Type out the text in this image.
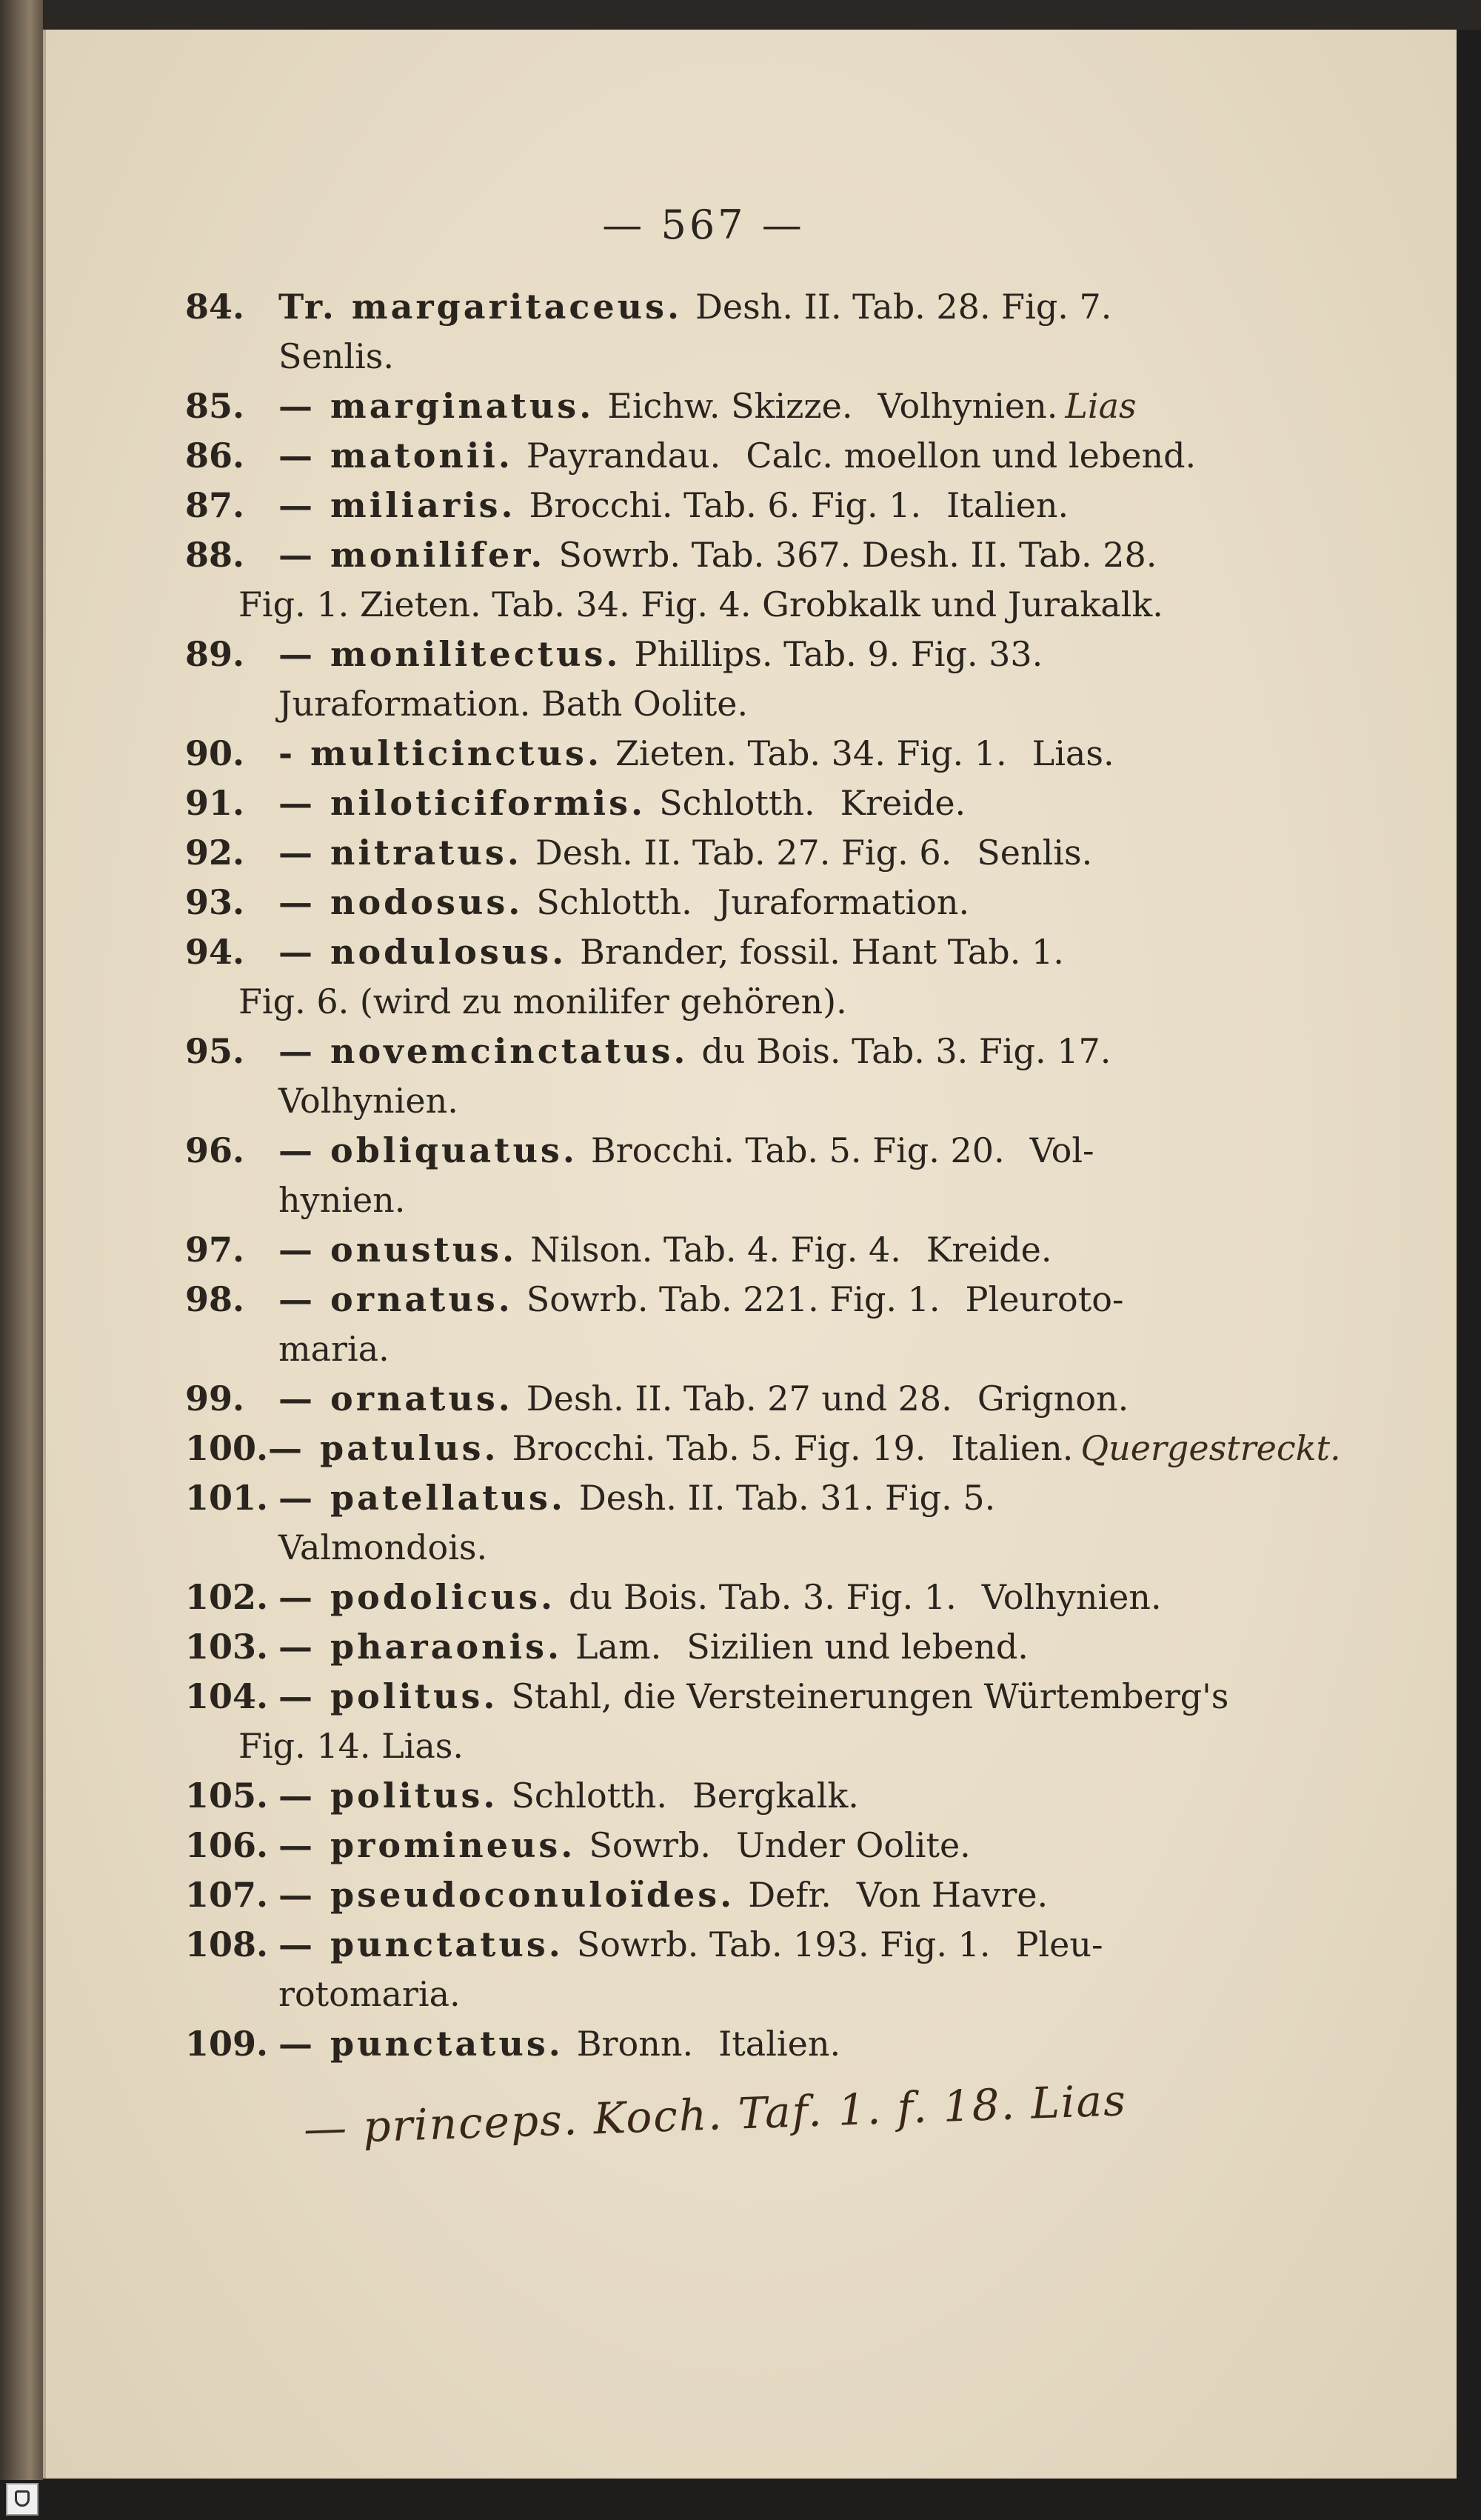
— 567 —
84. Tr. margaritaceus. Desh. II. Tab. 28. Fig. 7.
Senlis.
85. — marginatus. Eichw. Skizze. Volhynien. Lias
86. — matonii. Payrandau. Calc. moellon und lebend.
87. — miliaris. Brocchi. Tab. 6. Fig. 1. Italien.
88. — monilifer. Sowrb. Tab. 367. Desh. II. Tab. 28.
Fig. 1. Zieten. Tab. 34. Fig. 4. Grobkalk und Jurakalk.
89. — monilitectus. Phillips. Tab. 9. Fig. 33.
Juraformation. Bath Oolite.
90. - multicinctus. Zieten. Tab. 34. Fig. 1. Lias.
91. — niloticiformis. Schlotth. Kreide.
92. — nitratus. Desh. II. Tab. 27. Fig. 6. Senlis.
93. — nodosus. Schlotth. Juraformation.
94. — nodulosus. Brander, fossil. Hant Tab. 1.
Fig. 6. (wird zu monilifer gehören).
95. — novemcinctatus. du Bois. Tab. 3. Fig. 17.
Volhynien.
96. — obliquatus. Brocchi. Tab. 5. Fig. 20. Vol-
hynien.
97. — onustus. Nilson. Tab. 4. Fig. 4. Kreide.
98. — ornatus. Sowrb. Tab. 221. Fig. 1. Pleuroto-
maria.
99. — ornatus. Desh. II. Tab. 27 und 28. Grignon.
100. — patulus. Brocchi. Tab. 5. Fig. 19. Italien. Quergestreckt.
101. — patellatus. Desh. II. Tab. 31. Fig. 5.
Valmondois.
102. — podolicus. du Bois. Tab. 3. Fig. 1. Volhynien.
103. — pharaonis. Lam. Sizilien und lebend.
104. — politus. Stahl, die Versteinerungen Würtemberg's
Fig. 14. Lias.
105. — politus. Schlotth. Bergkalk.
106. — promineus. Sowrb. Under Oolite.
107. — pseudoconuloïdes. Defr. Von Havre.
108. — punctatus. Sowrb. Tab. 193. Fig. 1. Pleu-
rotomaria.
109. — punctatus. Bronn. Italien.
— princeps. Koch. Taf. 1. f. 18. Lias
